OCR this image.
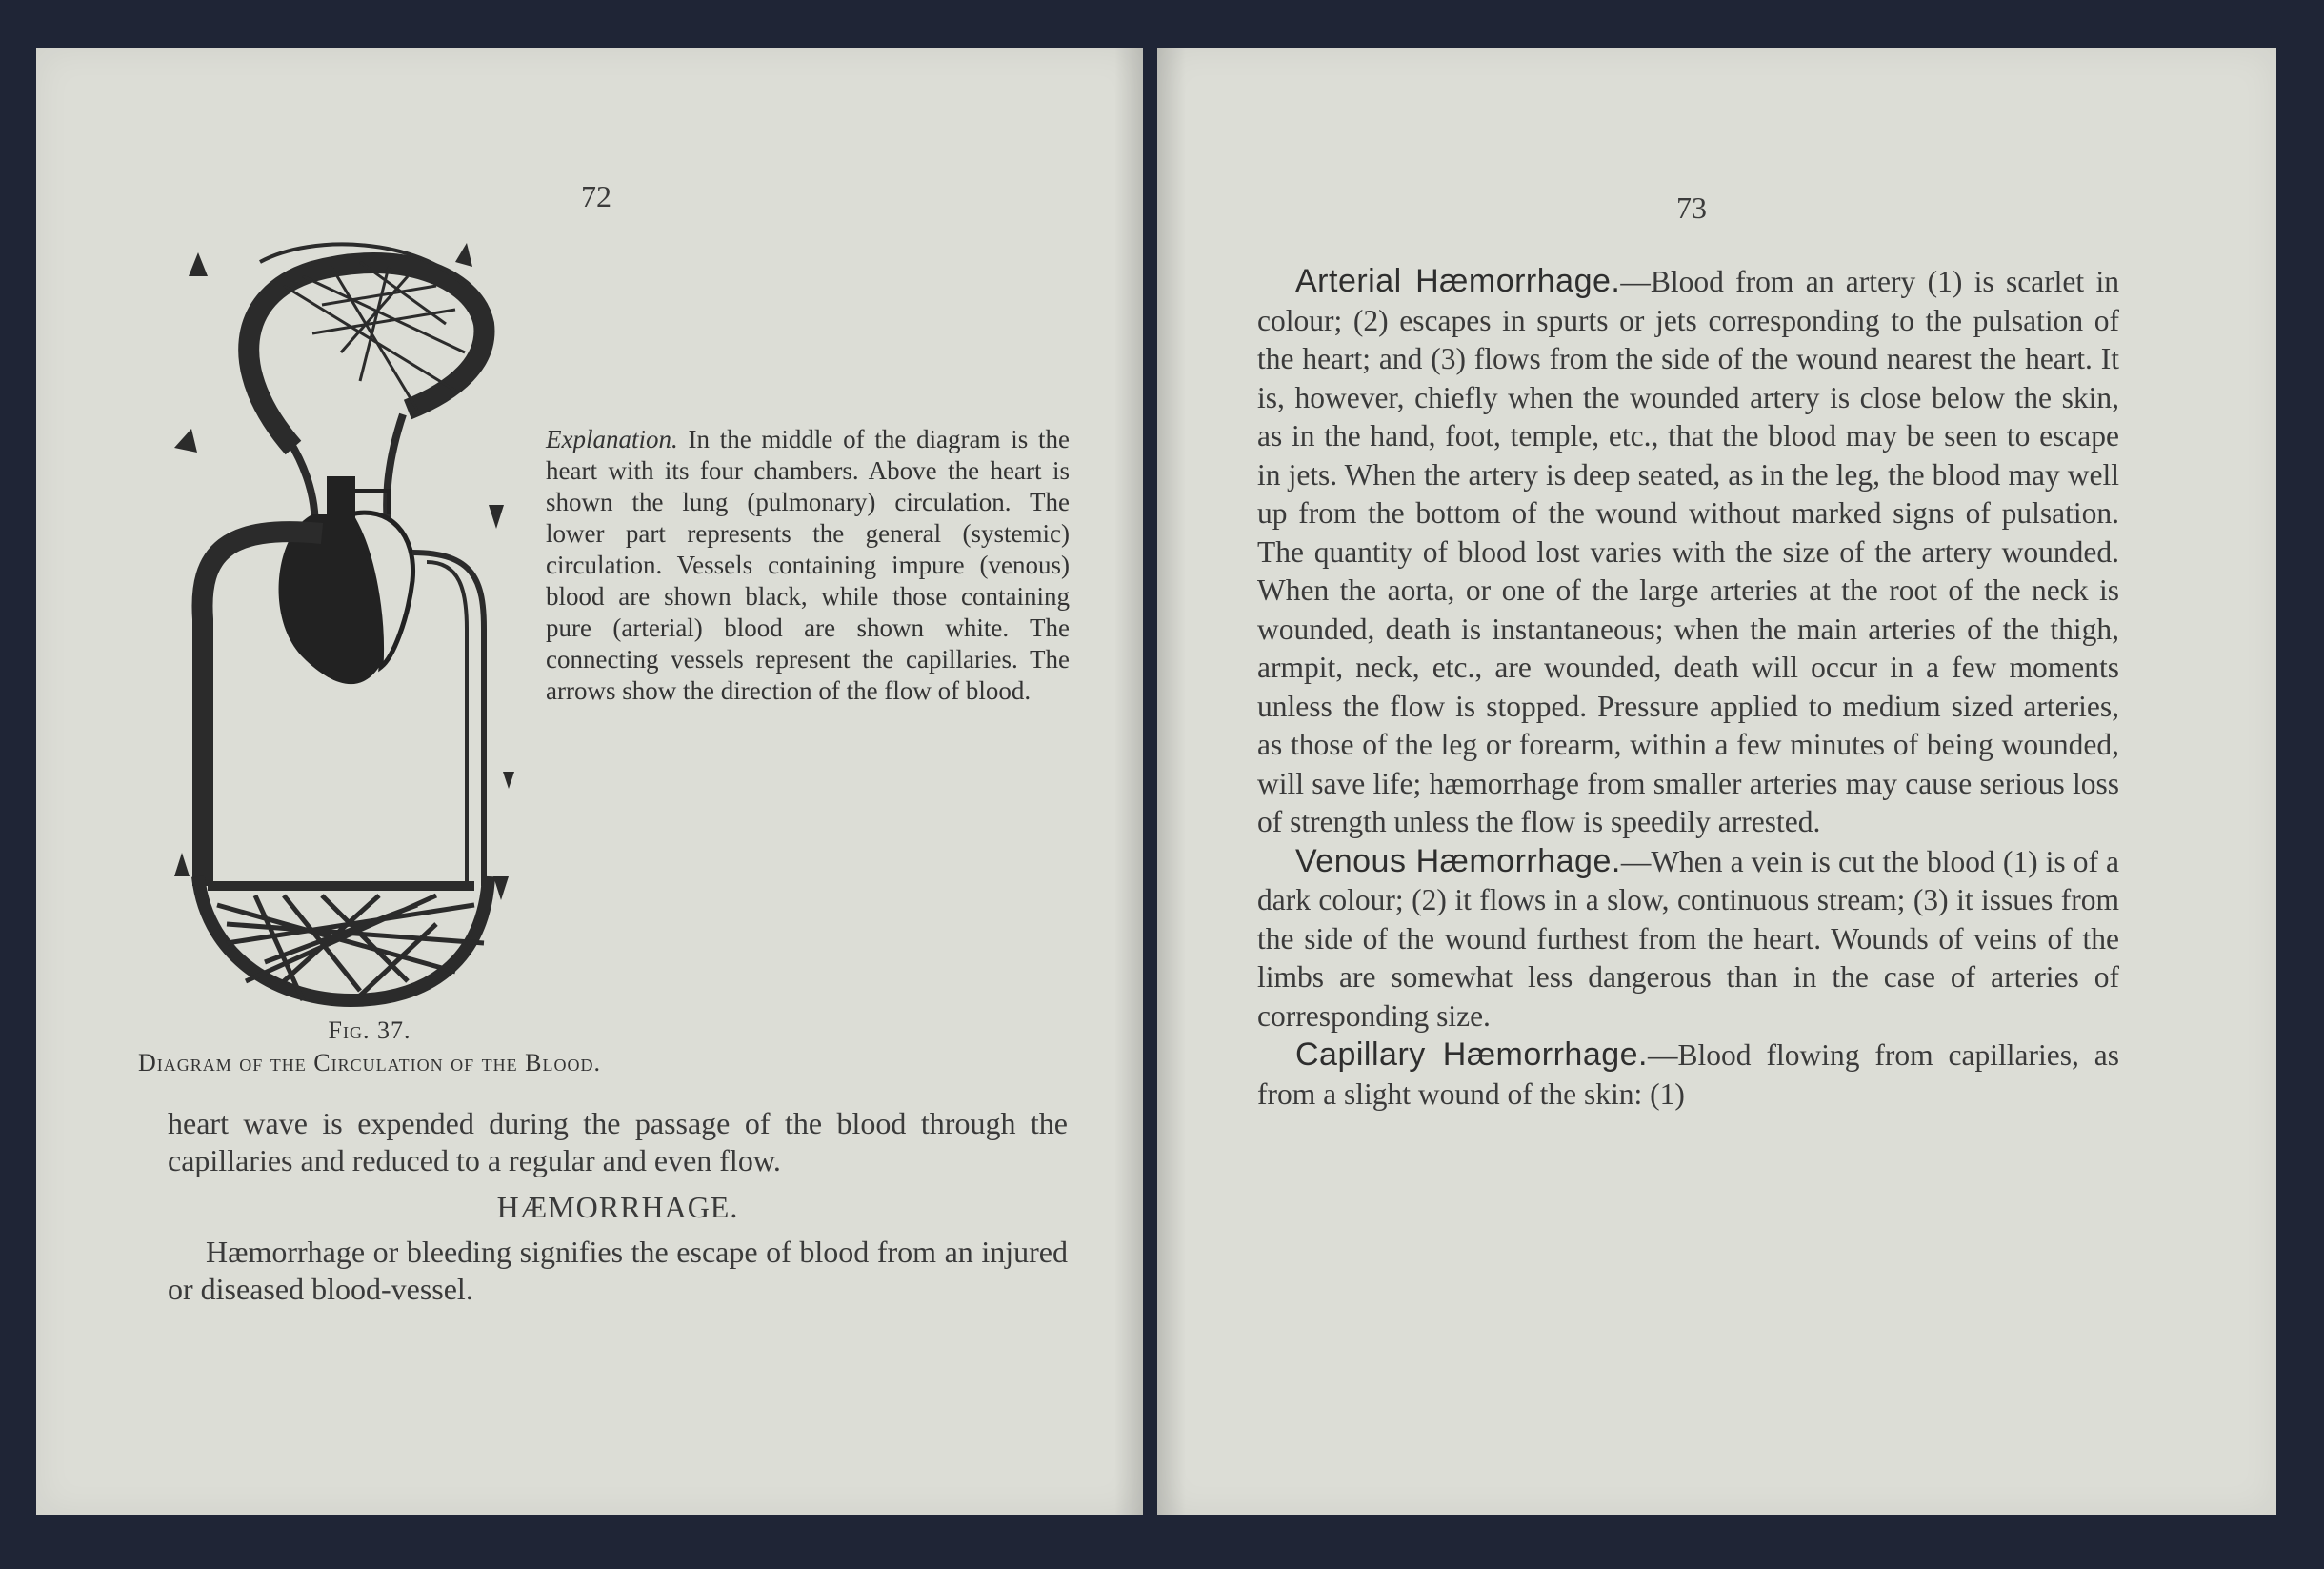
72
Explanation. In the middle of the diagram is the heart with its four chambers. Above the heart is shown the lung (pulmonary) circulation. The lower part represents the general (systemic) circulation. Vessels containing impure (venous) blood are shown black, while those containing pure (arterial) blood are shown white. The connecting vessels represent the capillaries. The arrows show the direction of the flow of blood.
Fig. 37.
Diagram of the Circulation of the Blood.
heart wave is expended during the passage of the blood through the capillaries and reduced to a regular and even flow.
HÆMORRHAGE.
Hæmorrhage or bleeding signifies the escape of blood from an injured or diseased blood-vessel.
73

Arterial Hæmorrhage.—Blood from an artery (1) is scarlet in colour; (2) escapes in spurts or jets corresponding to the pulsation of the heart; and (3) flows from the side of the wound nearest the heart. It is, however, chiefly when the wounded artery is close below the skin, as in the hand, foot, temple, etc., that the blood may be seen to escape in jets. When the artery is deep seated, as in the leg, the blood may well up from the bottom of the wound without marked signs of pulsation. The quantity of blood lost varies with the size of the artery wounded. When the aorta, or one of the large arteries at the root of the neck is wounded, death is instantaneous; when the main arteries of the thigh, armpit, neck, etc., are wounded, death will occur in a few moments unless the flow is stopped. Pressure applied to medium sized arteries, as those of the leg or forearm, within a few minutes of being wounded, will save life; hæmorrhage from smaller arteries may cause serious loss of strength unless the flow is speedily arrested.

Venous Hæmorrhage.—When a vein is cut the blood (1) is of a dark colour; (2) it flows in a slow, continuous stream; (3) it issues from the side of the wound furthest from the heart. Wounds of veins of the limbs are somewhat less dangerous than in the case of arteries of corresponding size.

Capillary Hæmorrhage.—Blood flowing from capillaries, as from a slight wound of the skin: (1)
